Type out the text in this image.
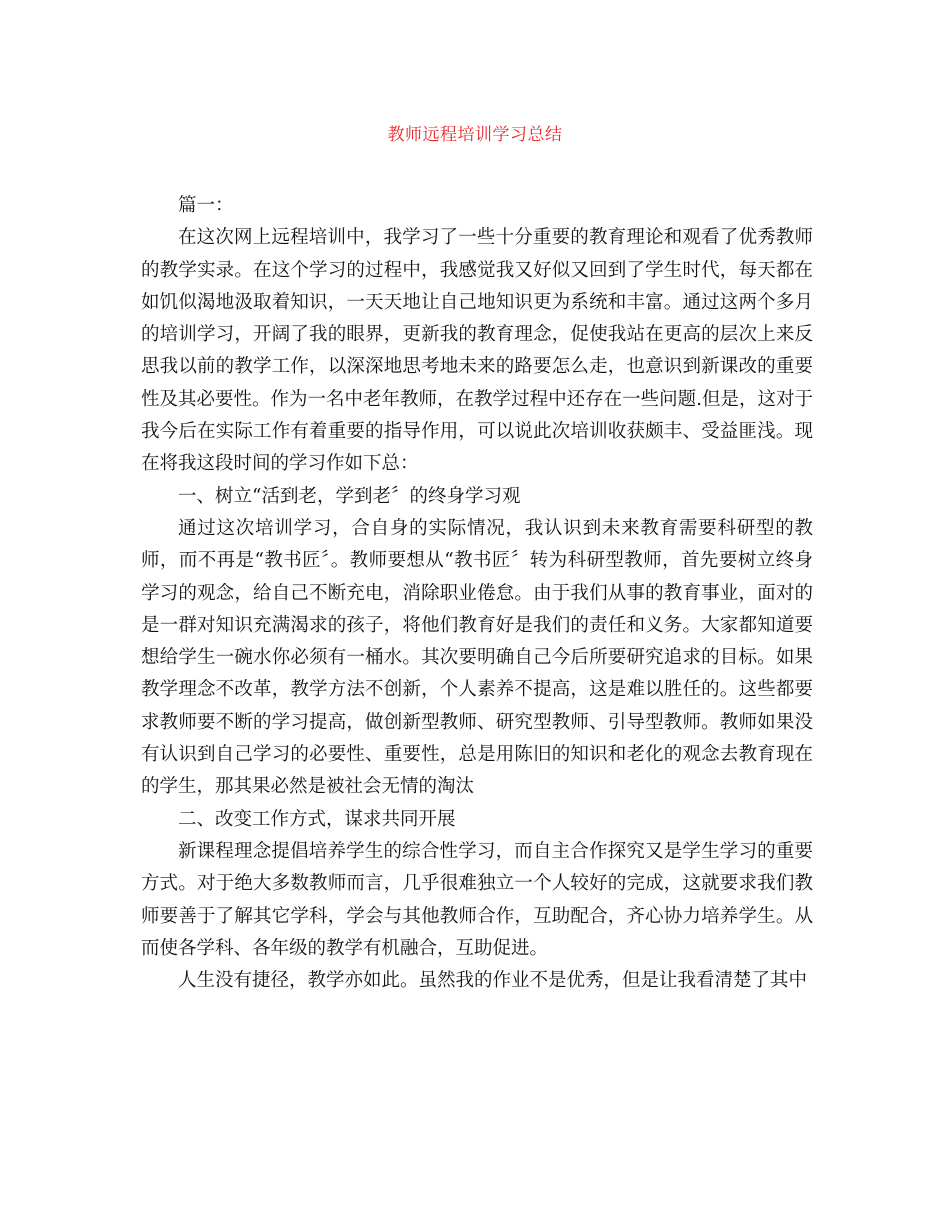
教师远程培训学习总结

篇一：

在这次网上远程培训中，我学习了一些十分重要的教育理论和观看了优秀教师的教学实录。在这个学习的过程中，我感觉我又好似又回到了学生时代，每天都在如饥似渴地汲取着知识，一天天地让自己地知识更为系统和丰富。通过这两个多月的培训学习，开阔了我的眼界，更新我的教育理念，促使我站在更高的层次上来反思我以前的教学工作，以深深地思考地未来的路要怎么走，也意识到新课改的重要性及其必要性。作为一名中老年教师，在教学过程中还存在一些问题.但是，这对于我今后在实际工作有着重要的指导作用，可以说此次培训收获颇丰、受益匪浅。现在将我这段时间的学习作如下总：

一、树立“活到老，学到老〞的终身学习观

通过这次培训学习，合自身的实际情况，我认识到未来教育需要科研型的教师，而不再是“教书匠〞。教师要想从“教书匠〞转为科研型教师，首先要树立终身学习的观念，给自己不断充电，消除职业倦怠。由于我们从事的教育事业，面对的是一群对知识充满渴求的孩子，将他们教育好是我们的责任和义务。大家都知道要想给学生一碗水你必须有一桶水。其次要明确自己今后所要研究追求的目标。如果教学理念不改革，教学方法不创新，个人素养不提高，这是难以胜任的。这些都要求教师要不断的学习提高，做创新型教师、研究型教师、引导型教师。教师如果没有认识到自己学习的必要性、重要性，总是用陈旧的知识和老化的观念去教育现在的学生，那其果必然是被社会无情的淘汰

二、改变工作方式，谋求共同开展

新课程理念提倡培养学生的综合性学习，而自主合作探究又是学生学习的重要方式。对于绝大多数教师而言，几乎很难独立一个人较好的完成，这就要求我们教师要善于了解其它学科，学会与其他教师合作，互助配合，齐心协力培养学生。从而使各学科、各年级的教学有机融合，互助促进。

人生没有捷径，教学亦如此。虽然我的作业不是优秀，但是让我看清楚了其中
